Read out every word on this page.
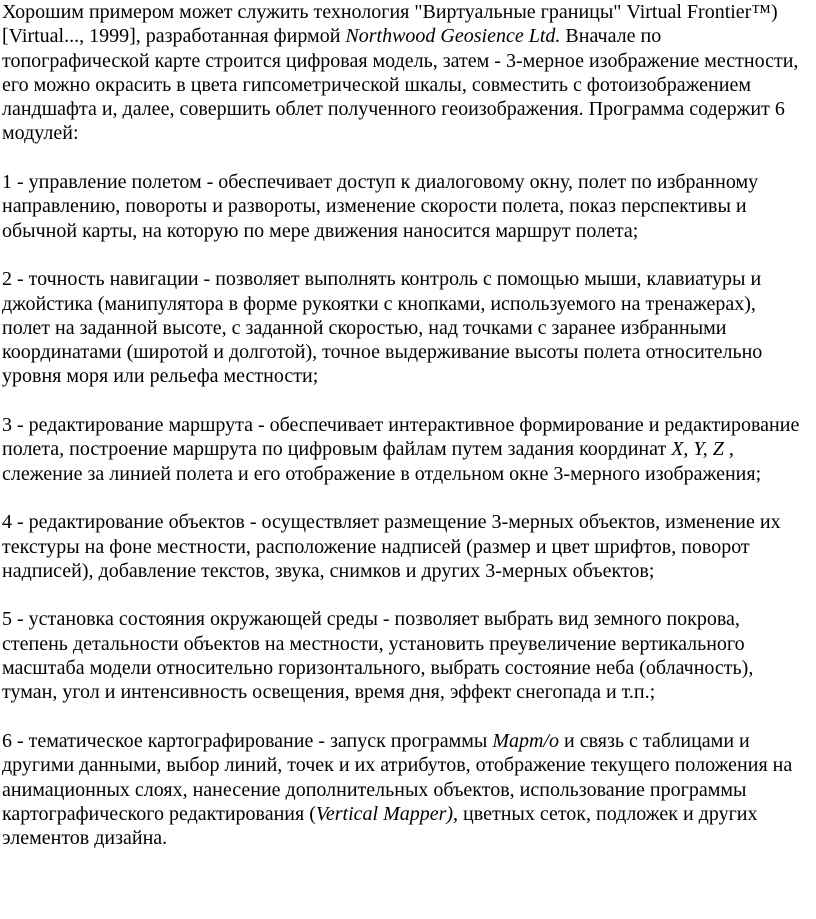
Хорошим примером может служить технология "Виртуальные границы" Virtual Frontier™) [Virtual..., 1999], разработанная фирмой Northwood Geosience Ltd. Вначале по топографической карте строится цифровая модель, затем - 3-мерное изображение местности, его можно окрасить в цвета гипсометрической шкалы, совместить с фотоизображением ландшафта и, далее, совершить облет полученного геоизображения. Программа содержит 6 модулей:

1 - управление полетом - обеспечивает доступ к диалоговому окну, полет по избранному направлению, повороты и развороты, изменение скорости полета, показ перспективы и обычной карты, на которую по мере движения наносится маршрут полета;

2 - точность навигации - позволяет выполнять контроль с помощью мыши, клавиатуры и джойстика (манипулятора в форме рукоятки с кнопками, используемого на тренажерах), полет на заданной высоте, с заданной скоростью, над точками с заранее избранными координатами (широтой и долготой), точное выдерживание высоты полета относительно уровня моря или рельефа местности;

3 - редактирование маршрута - обеспечивает интерактивное формирование и редактирование полета, построение маршрута по цифровым файлам путем задания координат X, Y, Z , слежение за линией полета и его отображение в отдельном окне 3-мерного изображения;

4 - редактирование объектов - осуществляет размещение 3-мерных объектов, изменение их текстуры на фоне местности, расположение надписей (размер и цвет шрифтов, поворот надписей), добавление текстов, звука, снимков и других 3-мерных объектов;

5 - установка состояния окружающей среды - позволяет выбрать вид земного покрова, степень детальности объектов на местности, установить преувеличение вертикального масштаба модели относительно горизонтального, выбрать состояние неба (облачность), туман, угол и интенсивность освещения, время дня, эффект снегопада и т.п.;

6 - тематическое картографирование - запуск программы Mapm/o и связь с таблицами и другими данными, выбор линий, точек и их атрибутов, отображение текущего положения на анимационных слоях, нанесение дополнительных объектов, использование программы картографического редактирования (Vertical Mapper), цветных сеток, подложек и других элементов дизайна.
